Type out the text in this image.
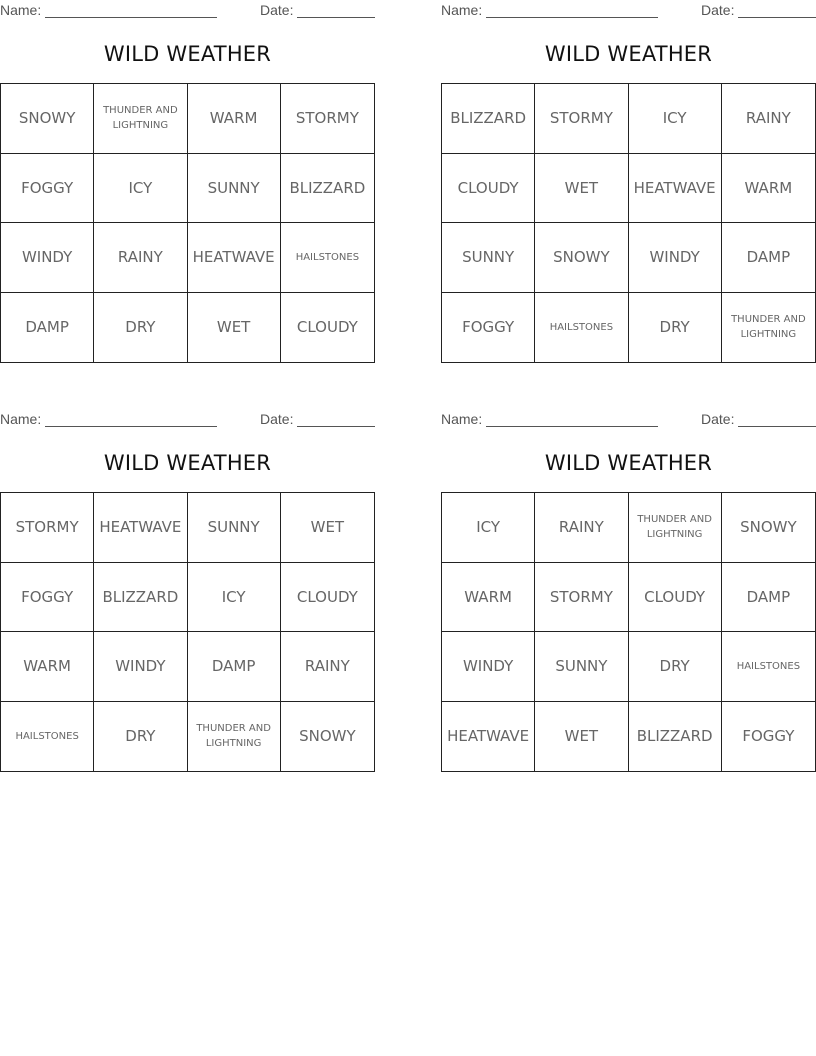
Name:	Date:
WILD WEATHER
SNOWY	THUNDER AND LIGHTNING	WARM	STORMY
FOGGY	ICY	SUNNY	BLIZZARD
WINDY	RAINY	HEATWAVE	HAILSTONES
DAMP	DRY	WET	CLOUDY
Name:	Date:
WILD WEATHER
BLIZZARD	STORMY	ICY	RAINY
CLOUDY	WET	HEATWAVE	WARM
SUNNY	SNOWY	WINDY	DAMP
FOGGY	HAILSTONES	DRY	THUNDER AND LIGHTNING
Name:	Date:
WILD WEATHER
STORMY	HEATWAVE	SUNNY	WET
FOGGY	BLIZZARD	ICY	CLOUDY
WARM	WINDY	DAMP	RAINY
HAILSTONES	DRY	THUNDER AND LIGHTNING	SNOWY
Name:	Date:
WILD WEATHER
ICY	RAINY	THUNDER AND LIGHTNING	SNOWY
WARM	STORMY	CLOUDY	DAMP
WINDY	SUNNY	DRY	HAILSTONES
HEATWAVE	WET	BLIZZARD	FOGGY
